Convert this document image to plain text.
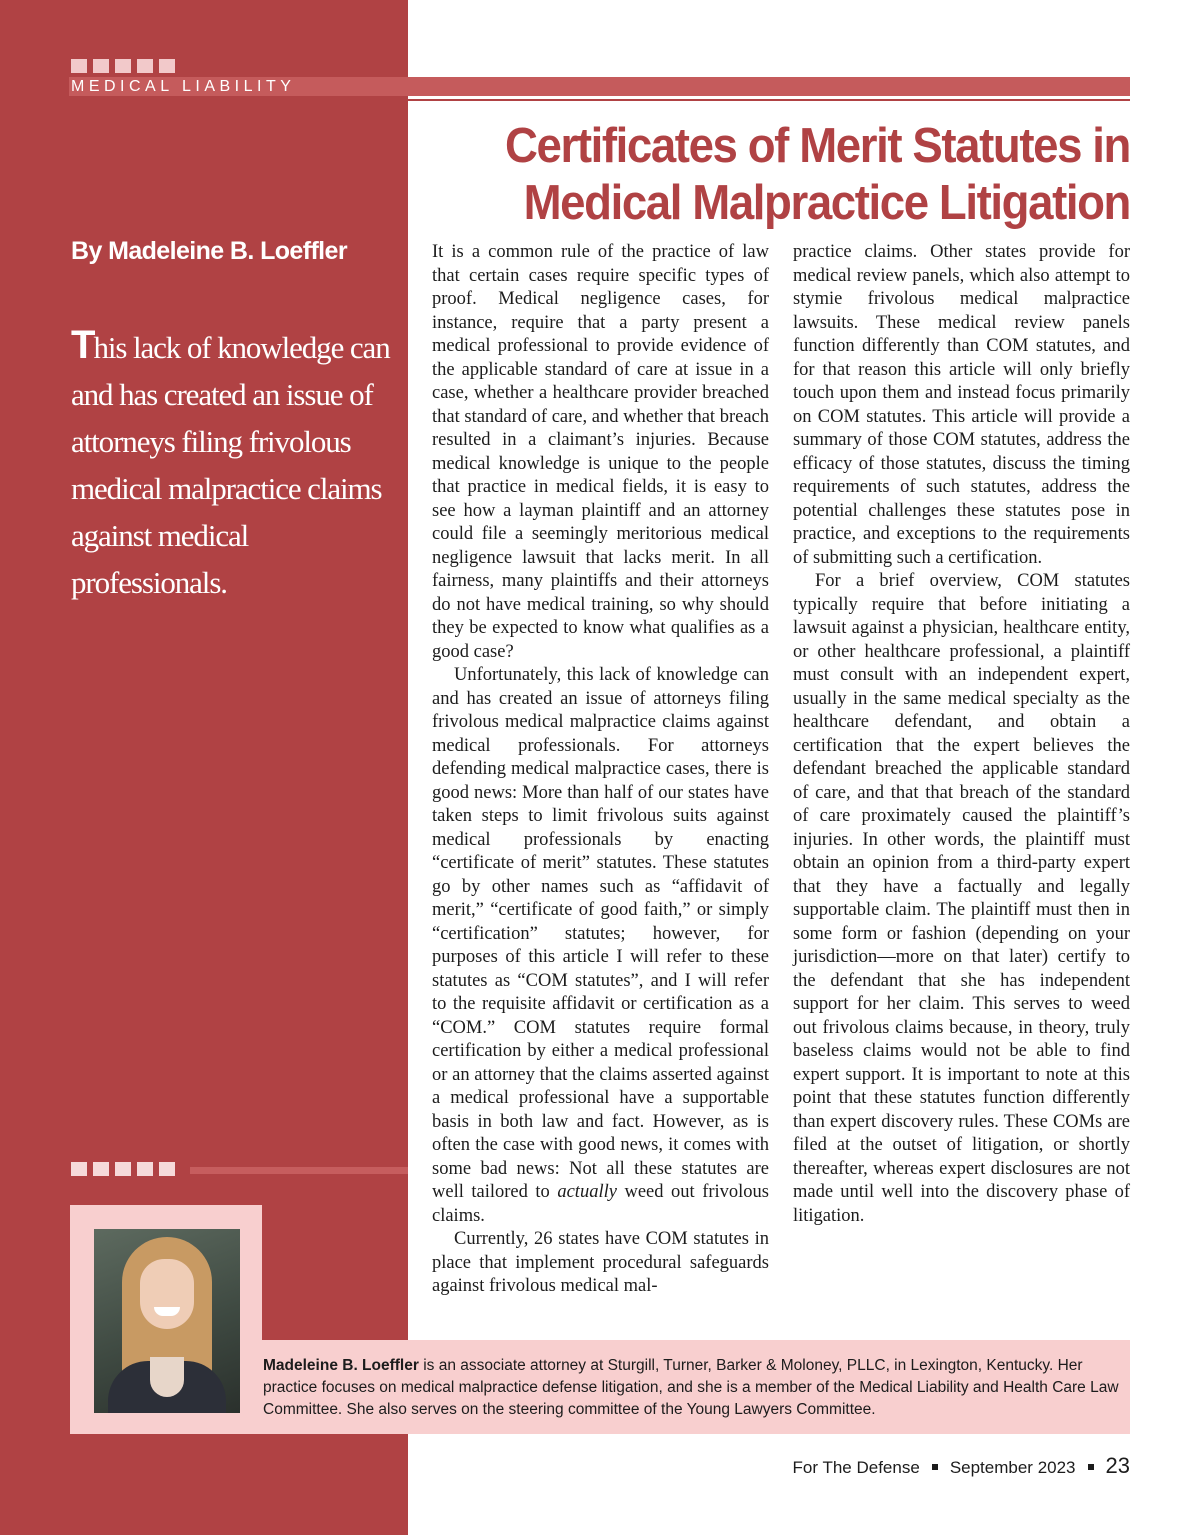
MEDICAL LIABILITY
Certificates of Merit Statutes in
Medical Malpractice Litigation
By Madeleine B. Loeffler

This lack of knowledge can and has created an issue of attorneys filing frivolous medical malpractice claims against medical professionals.

It is a common rule of the practice of law that certain cases require specific types of proof. Medical negligence cases, for instance, require that a party present a medical professional to provide evidence of the applicable standard of care at issue in a case, whether a healthcare provider breached that standard of care, and whether that breach resulted in a claimant’s injuries. Because medical knowledge is unique to the people that practice in medical fields, it is easy to see how a layman plaintiff and an attorney could file a seemingly meritorious medical negligence lawsuit that lacks merit. In all fairness, many plaintiffs and their attorneys do not have medical training, so why should they be expected to know what qualifies as a good case?

Unfortunately, this lack of knowledge can and has created an issue of attorneys filing frivolous medical malpractice claims against medical professionals. For attorneys defending medical malpractice cases, there is good news: More than half of our states have taken steps to limit frivolous suits against medical professionals by enacting “certificate of merit” statutes. These statutes go by other names such as “affidavit of merit,” “certificate of good faith,” or simply “certification” statutes; however, for purposes of this article I will refer to these statutes as “COM statutes”, and I will refer to the requisite affidavit or certification as a “COM.” COM statutes require formal certification by either a medical professional or an attorney that the claims asserted against a medical professional have a supportable basis in both law and fact. However, as is often the case with good news, it comes with some bad news: Not all these statutes are well tailored to actually weed out frivolous claims.

Currently, 26 states have COM statutes in place that implement procedural safeguards against frivolous medical mal-

practice claims. Other states provide for medical review panels, which also attempt to stymie frivolous medical malpractice lawsuits. These medical review panels function differently than COM statutes, and for that reason this article will only briefly touch upon them and instead focus primarily on COM statutes. This article will provide a summary of those COM statutes, address the efficacy of those statutes, discuss the timing requirements of such statutes, address the potential challenges these statutes pose in practice, and exceptions to the requirements of submitting such a certification.

For a brief overview, COM statutes typically require that before initiating a lawsuit against a physician, healthcare entity, or other healthcare professional, a plaintiff must consult with an independent expert, usually in the same medical specialty as the healthcare defendant, and obtain a certification that the expert believes the defendant breached the applicable standard of care, and that that breach of the standard of care proximately caused the plaintiff’s injuries. In other words, the plaintiff must obtain an opinion from a third-party expert that they have a factually and legally supportable claim. The plaintiff must then in some form or fashion (depending on your jurisdiction—more on that later) certify to the defendant that she has independent support for her claim. This serves to weed out frivolous claims because, in theory, truly baseless claims would not be able to find expert support. It is important to note at this point that these statutes function differently than expert discovery rules. These COMs are filed at the outset of litigation, or shortly thereafter, whereas expert disclosures are not made until well into the discovery phase of litigation.

Madeleine B. Loeffler is an associate attorney at Sturgill, Turner, Barker & Moloney, PLLC, in Lexington, Kentucky. Her practice focuses on medical malpractice defense litigation, and she is a member of the Medical Liability and Health Care Law Committee. She also serves on the steering committee of the Young Lawyers Committee.

For The Defense September 2023 23
